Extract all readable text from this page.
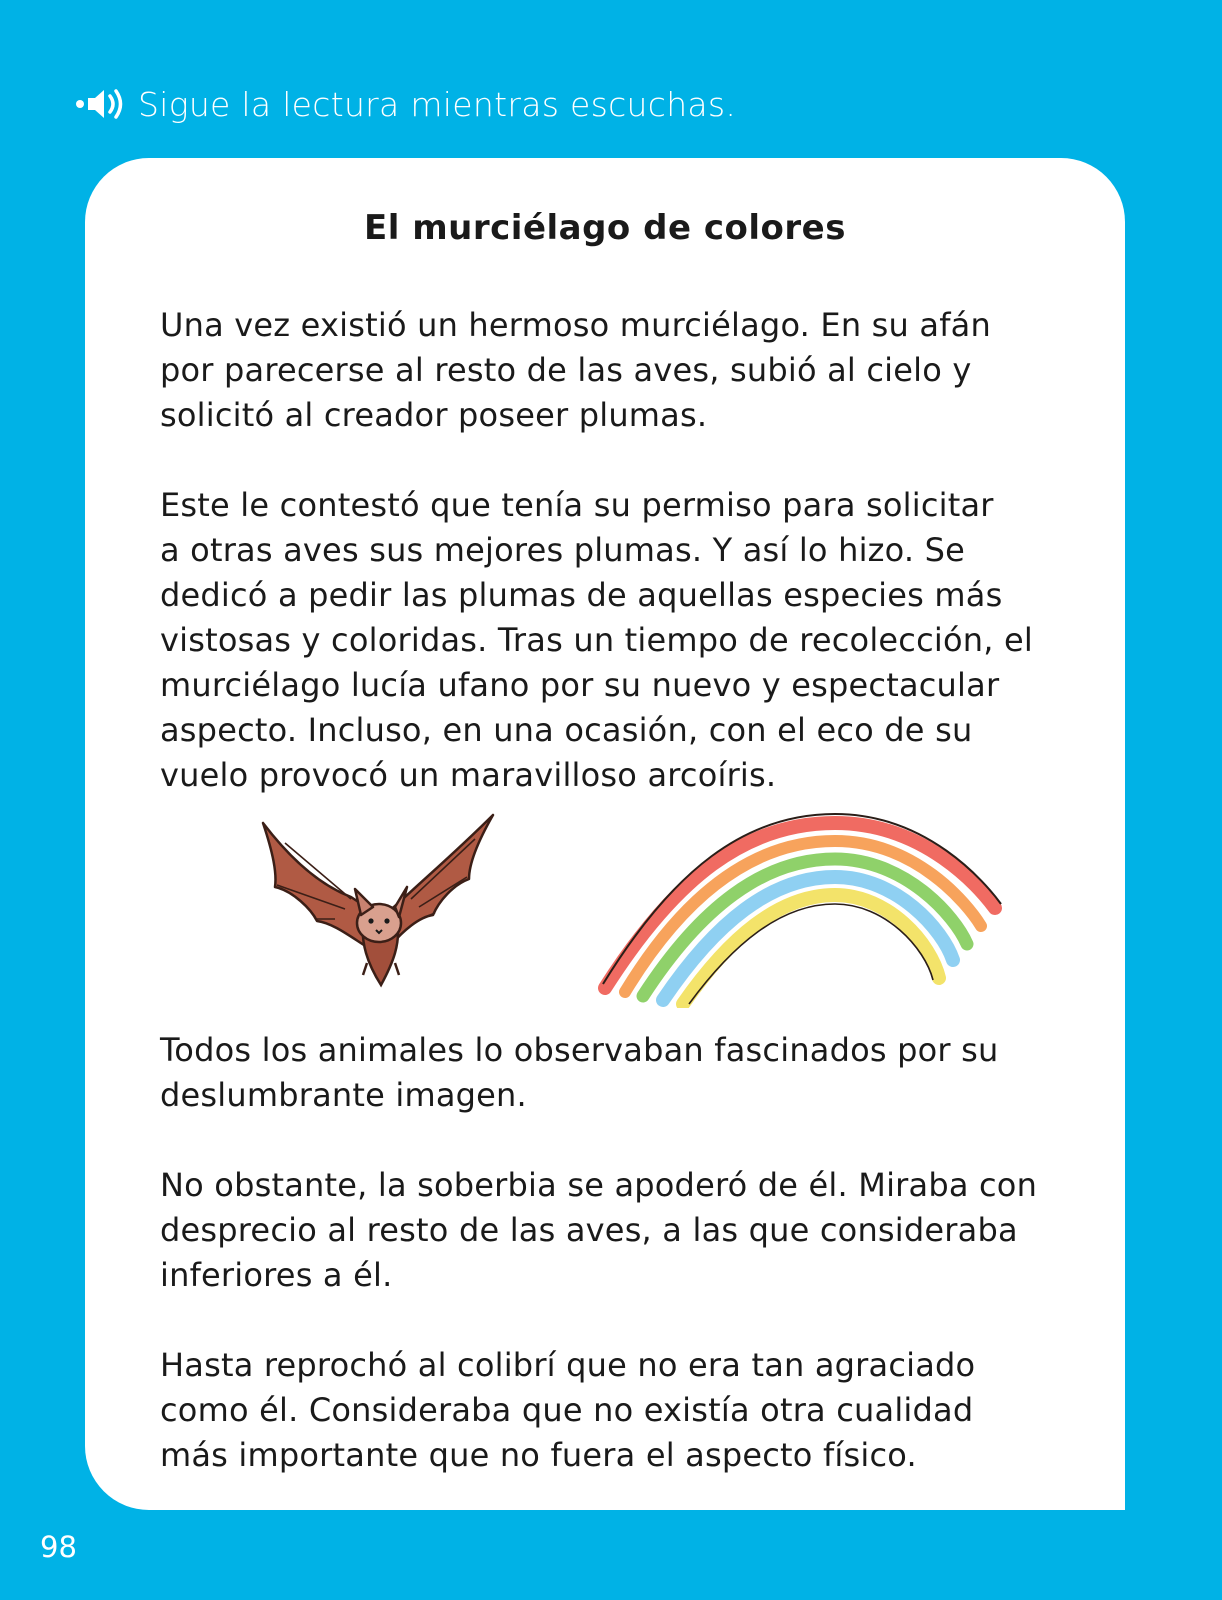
Sigue la lectura mientras escuchas.
El murciélago de colores

Una vez existió un hermoso murciélago. En su afán
por parecerse al resto de las aves, subió al cielo y
solicitó al creador poseer plumas.

Este le contestó que tenía su permiso para solicitar
a otras aves sus mejores plumas. Y así lo hizo. Se
dedicó a pedir las plumas de aquellas especies más
vistosas y coloridas. Tras un tiempo de recolección, el
murciélago lucía ufano por su nuevo y espectacular
aspecto. Incluso, en una ocasión, con el eco de su
vuelo provocó un maravilloso arcoíris.

Todos los animales lo observaban fascinados por su
deslumbrante imagen.

No obstante, la soberbia se apoderó de él. Miraba con
desprecio al resto de las aves, a las que consideraba
inferiores a él.

Hasta reprochó al colibrí que no era tan agraciado
como él. Consideraba que no existía otra cualidad
más importante que no fuera el aspecto físico.

98
